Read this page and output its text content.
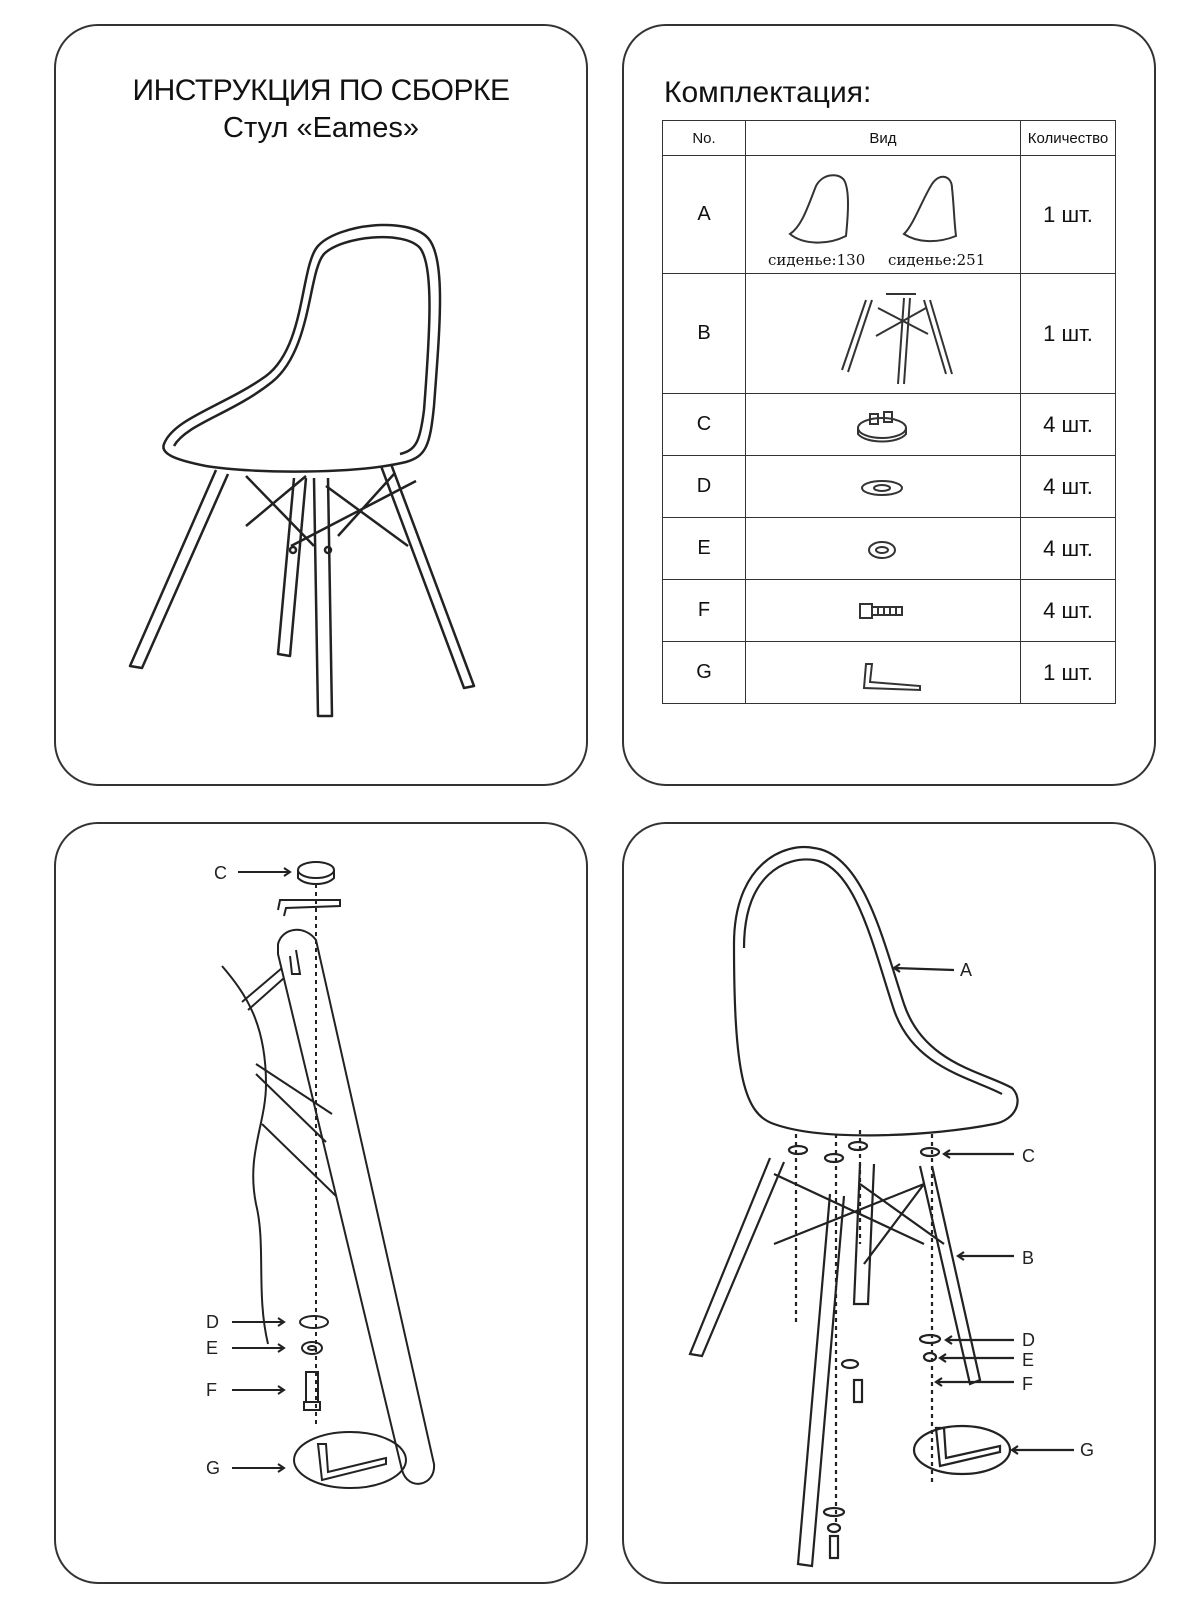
ИНСТРУКЦИЯ ПО СБОРКЕ
Стул «Eames»
Комплектация:
No.	Вид	Количество
A	сиденье:130 сиденье:251	1 шт.
B		1 шт.
C		4 шт.
D		4 шт.
E		4 шт.
F		4 шт.
G		1 шт.
C
D
E
F
G
A
C
B
D
E
F
G
